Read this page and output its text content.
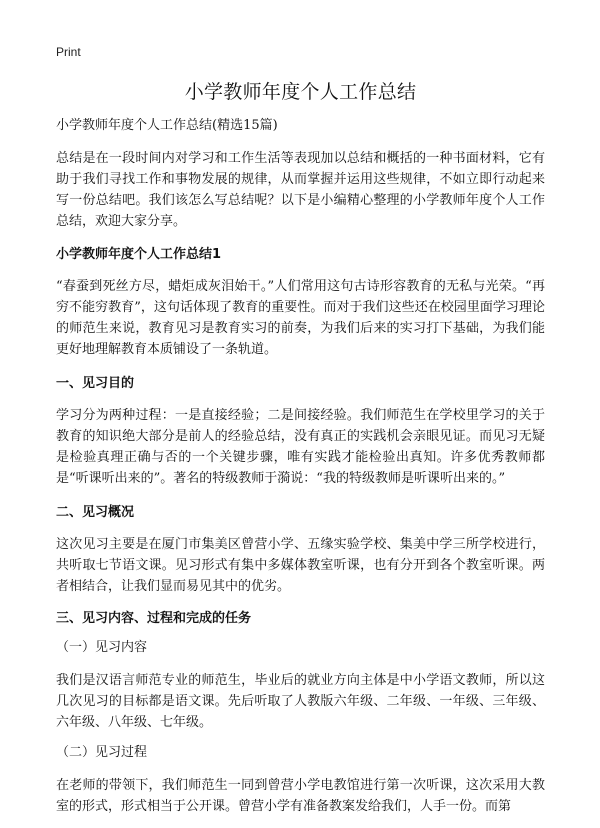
Print
小学教师年度个人工作总结
小学教师年度个人工作总结(精选15篇)

总结是在一段时间内对学习和工作生活等表现加以总结和概括的一种书面材料，它有助于我们寻找工作和事物发展的规律，从而掌握并运用这些规律，不如立即行动起来写一份总结吧。我们该怎么写总结呢？以下是小编精心整理的小学教师年度个人工作总结，欢迎大家分享。

小学教师年度个人工作总结1

“春蚕到死丝方尽，蜡炬成灰泪始干。”人们常用这句古诗形容教育的无私与光荣。“再穷不能穷教育”，这句话体现了教育的重要性。而对于我们这些还在校园里面学习理论的师范生来说，教育见习是教育实习的前奏，为我们后来的实习打下基础，为我们能更好地理解教育本质铺设了一条轨道。

一、见习目的

学习分为两种过程：一是直接经验；二是间接经验。我们师范生在学校里学习的关于教育的知识绝大部分是前人的经验总结，没有真正的实践机会亲眼见证。而见习无疑是检验真理正确与否的一个关键步骤，唯有实践才能检验出真知。许多优秀教师都是“听课听出来的”。著名的特级教师于漪说：“我的特级教师是听课听出来的。”

二、见习概况

这次见习主要是在厦门市集美区曾营小学、五缘实验学校、集美中学三所学校进行，共听取七节语文课。见习形式有集中多媒体教室听课，也有分开到各个教室听课。两者相结合，让我们显而易见其中的优劣。

三、见习内容、过程和完成的任务

（一）见习内容

我们是汉语言师范专业的师范生，毕业后的就业方向主体是中小学语文教师，所以这几次见习的目标都是语文课。先后听取了人教版六年级、二年级、一年级、三年级、六年级、八年级、七年级。

（二）见习过程

在老师的带领下，我们师范生一同到曾营小学电教馆进行第一次听课，这次采用大教室的形式，形式相当于公开课。曾营小学有准备教案发给我们，人手一份。而第
